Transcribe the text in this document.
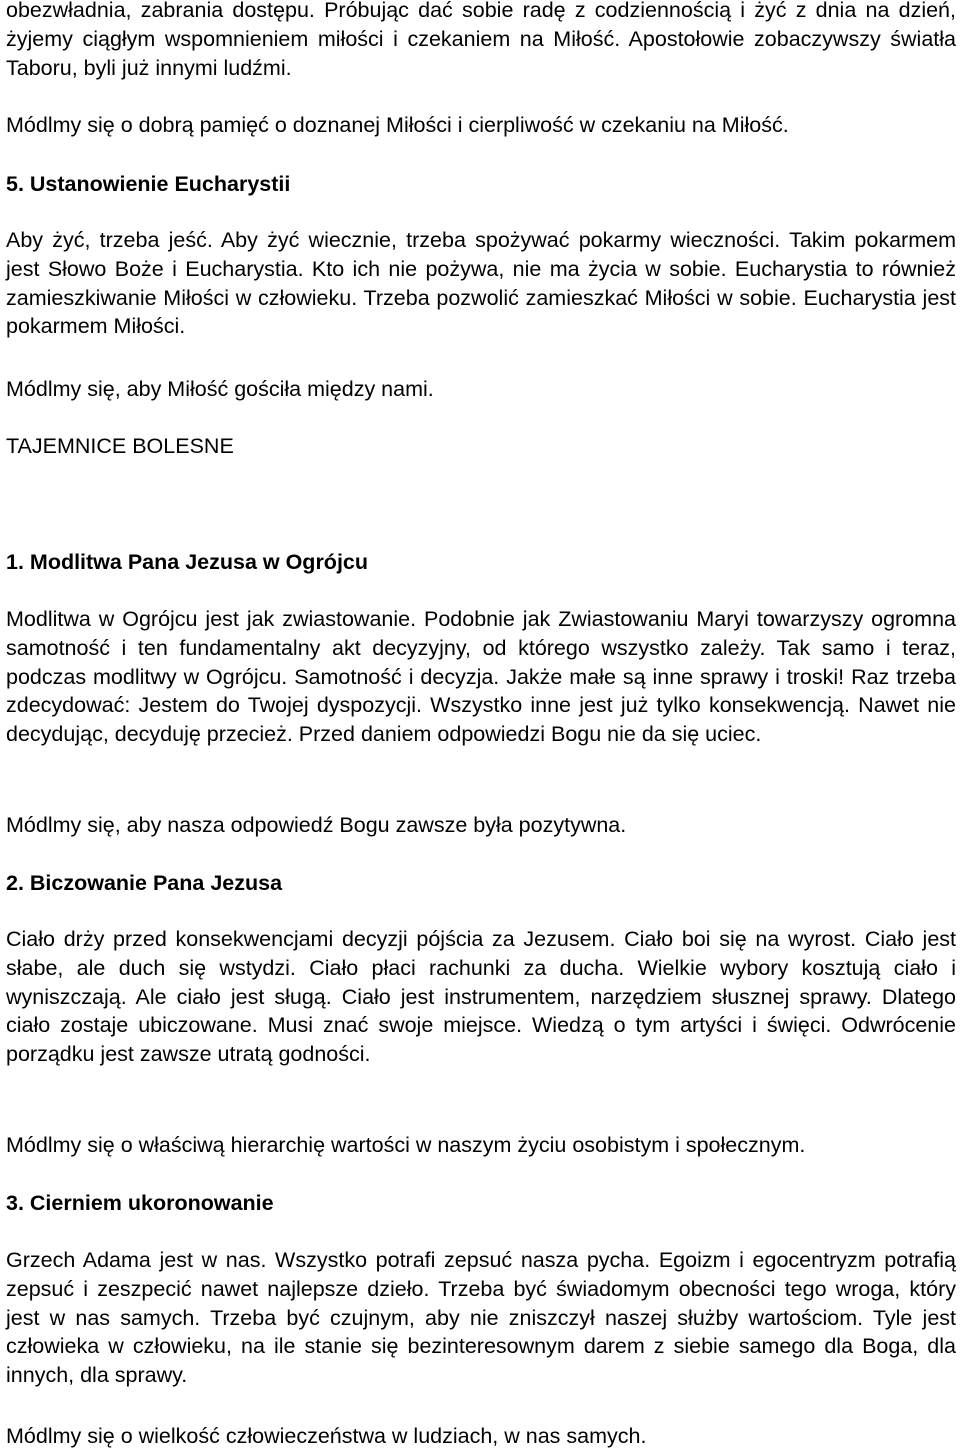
obezwładnia, zabrania dostępu. Próbując dać sobie radę z codziennością i żyć z dnia na dzień, żyjemy ciągłym wspomnieniem miłości i czekaniem na Miłość. Apostołowie zobaczywszy światła Taboru, byli już innymi ludźmi.

Módlmy się o dobrą pamięć o doznanej Miłości i cierpliwość w czekaniu na Miłość.

5. Ustanowienie Eucharystii

Aby żyć, trzeba jeść. Aby żyć wiecznie, trzeba spożywać pokarmy wieczności. Takim pokarmem jest Słowo Boże i Eucharystia. Kto ich nie pożywa, nie ma życia w sobie. Eucharystia to również zamieszkiwanie Miłości w człowieku. Trzeba pozwolić zamieszkać Miłości w sobie. Eucharystia jest pokarmem Miłości.

Módlmy się, aby Miłość gościła między nami.

TAJEMNICE BOLESNE

1. Modlitwa Pana Jezusa w Ogrójcu

Modlitwa w Ogrójcu jest jak zwiastowanie. Podobnie jak Zwiastowaniu Maryi towarzyszy ogromna samotność i ten fundamentalny akt decyzyjny, od którego wszystko zależy. Tak samo i teraz, podczas modlitwy w Ogrójcu. Samotność i decyzja. Jakże małe są inne sprawy i troski! Raz trzeba zdecydować: Jestem do Twojej dyspozycji. Wszystko inne jest już tylko konsekwencją. Nawet nie decydując, decyduję przecież. Przed daniem odpowiedzi Bogu nie da się uciec.

Módlmy się, aby nasza odpowiedź Bogu zawsze była pozytywna.

2. Biczowanie Pana Jezusa

Ciało drży przed konsekwencjami decyzji pójścia za Jezusem. Ciało boi się na wyrost. Ciało jest słabe, ale duch się wstydzi. Ciało płaci rachunki za ducha. Wielkie wybory kosztują ciało i wyniszczają. Ale ciało jest sługą. Ciało jest instrumentem, narzędziem słusznej sprawy. Dlatego ciało zostaje ubiczowane. Musi znać swoje miejsce. Wiedzą o tym artyści i święci. Odwrócenie porządku jest zawsze utratą godności.

Módlmy się o właściwą hierarchię wartości w naszym życiu osobistym i społecznym.

3. Cierniem ukoronowanie

Grzech Adama jest w nas. Wszystko potrafi zepsuć nasza pycha. Egoizm i egocentryzm potrafią zepsuć i zeszpecić nawet najlepsze dzieło. Trzeba być świadomym obecności tego wroga, który jest w nas samych. Trzeba być czujnym, aby nie zniszczył naszej służby wartościom. Tyle jest człowieka w człowieku, na ile stanie się bezinteresownym darem z siebie samego dla Boga, dla innych, dla sprawy.

Módlmy się o wielkość człowieczeństwa w ludziach, w nas samych.
